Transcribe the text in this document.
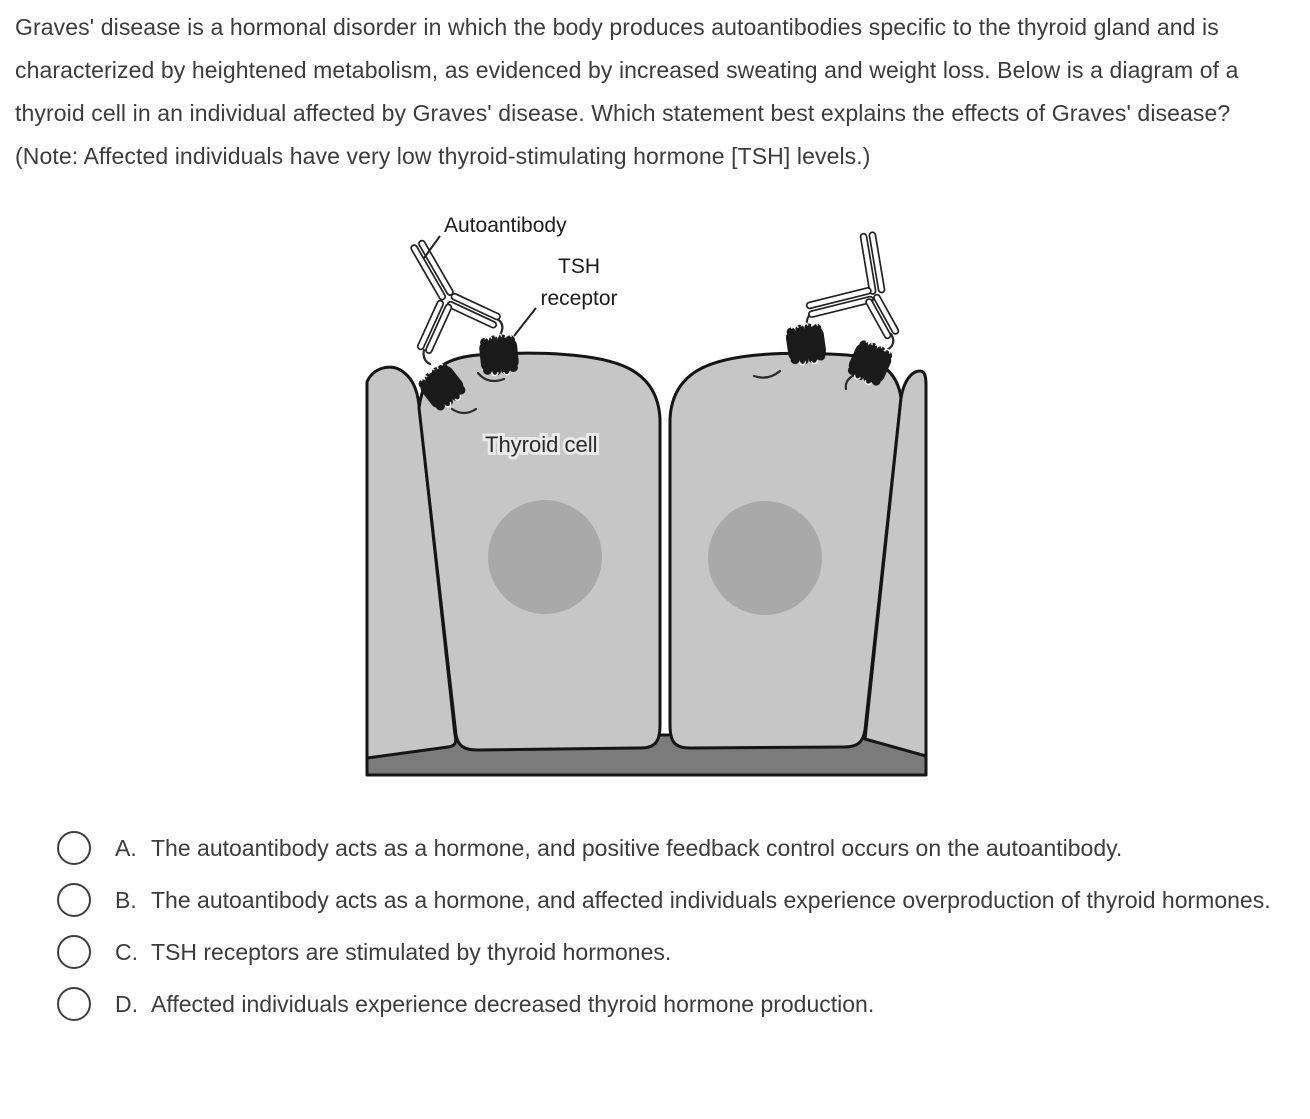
Graves' disease is a hormonal disorder in which the body produces autoantibodies specific to the thyroid gland and is characterized by heightened metabolism, as evidenced by increased sweating and weight loss. Below is a diagram of a thyroid cell in an individual affected by Graves' disease. Which statement best explains the effects of Graves' disease? (Note: Affected individuals have very low thyroid-stimulating hormone [TSH] levels.)
Autoantibody
TSH
receptor
Thyroid cell
A. The autoantibody acts as a hormone, and positive feedback control occurs on the autoantibody.
B. The autoantibody acts as a hormone, and affected individuals experience overproduction of thyroid hormones.
C. TSH receptors are stimulated by thyroid hormones.
D. Affected individuals experience decreased thyroid hormone production.
